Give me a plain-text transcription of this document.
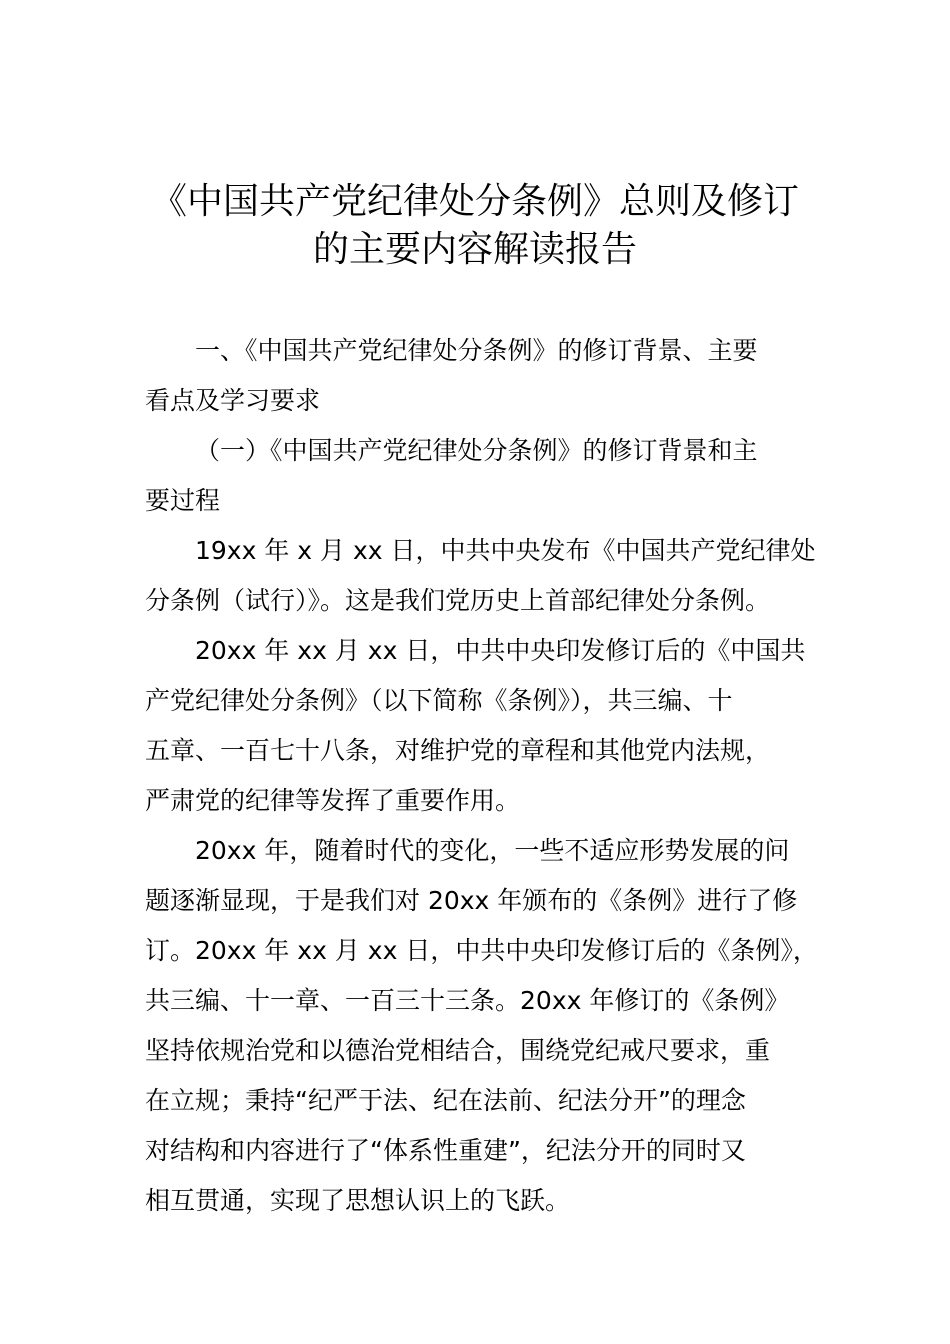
《中国共产党纪律处分条例》总则及修订
的主要内容解读报告
一、《中国共产党纪律处分条例》的修订背景、主要
看点及学习要求
（一）《中国共产党纪律处分条例》的修订背景和主
要过程
19xx 年 x 月 xx 日，中共中央发布《中国共产党纪律处
分条例（试行）》。这是我们党历史上首部纪律处分条例。
20xx 年 xx 月 xx 日，中共中央印发修订后的《中国共
产党纪律处分条例》（以下简称《条例》），共三编、十
五章、一百七十八条，对维护党的章程和其他党内法规，
严肃党的纪律等发挥了重要作用。
20xx 年，随着时代的变化，一些不适应形势发展的问
题逐渐显现，于是我们对 20xx 年颁布的《条例》进行了修
订。20xx 年 xx 月 xx 日，中共中央印发修订后的《条例》，
共三编、十一章、一百三十三条。20xx 年修订的《条例》
坚持依规治党和以德治党相结合，围绕党纪戒尺要求，重
在立规；秉持“纪严于法、纪在法前、纪法分开”的理念
对结构和内容进行了“体系性重建”，纪法分开的同时又
相互贯通，实现了思想认识上的飞跃。
